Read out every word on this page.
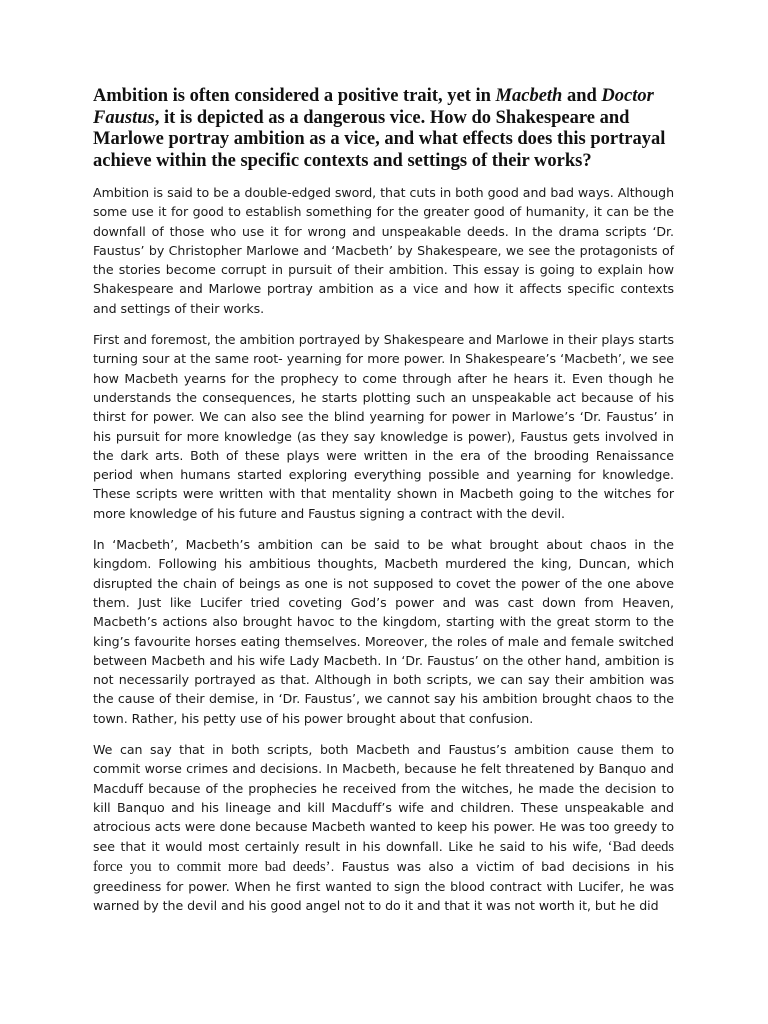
Ambition is often considered a positive trait, yet in Macbeth and Doctor Faustus, it is depicted as a dangerous vice. How do Shakespeare and Marlowe portray ambition as a vice, and what effects does this portrayal achieve within the specific contexts and settings of their works?

Ambition is said to be a double-edged sword, that cuts in both good and bad ways. Although some use it for good to establish something for the greater good of humanity, it can be the downfall of those who use it for wrong and unspeakable deeds. In the drama scripts ‘Dr. Faustus’ by Christopher Marlowe and ‘Macbeth’ by Shakespeare, we see the protagonists of the stories become corrupt in pursuit of their ambition. This essay is going to explain how Shakespeare and Marlowe portray ambition as a vice and how it affects specific contexts and settings of their works.

First and foremost, the ambition portrayed by Shakespeare and Marlowe in their plays starts turning sour at the same root- yearning for more power. In Shakespeare’s ‘Macbeth’, we see how Macbeth yearns for the prophecy to come through after he hears it. Even though he understands the consequences, he starts plotting such an unspeakable act because of his thirst for power. We can also see the blind yearning for power in Marlowe’s ‘Dr. Faustus’ in his pursuit for more knowledge (as they say knowledge is power), Faustus gets involved in the dark arts. Both of these plays were written in the era of the brooding Renaissance period when humans started exploring everything possible and yearning for knowledge. These scripts were written with that mentality shown in Macbeth going to the witches for more knowledge of his future and Faustus signing a contract with the devil.

In ‘Macbeth’, Macbeth’s ambition can be said to be what brought about chaos in the kingdom. Following his ambitious thoughts, Macbeth murdered the king, Duncan, which disrupted the chain of beings as one is not supposed to covet the power of the one above them. Just like Lucifer tried coveting God’s power and was cast down from Heaven, Macbeth’s actions also brought havoc to the kingdom, starting with the great storm to the king’s favourite horses eating themselves. Moreover, the roles of male and female switched between Macbeth and his wife Lady Macbeth. In ‘Dr. Faustus’ on the other hand, ambition is not necessarily portrayed as that. Although in both scripts, we can say their ambition was the cause of their demise, in ‘Dr. Faustus’, we cannot say his ambition brought chaos to the town. Rather, his petty use of his power brought about that confusion.

We can say that in both scripts, both Macbeth and Faustus’s ambition cause them to commit worse crimes and decisions. In Macbeth, because he felt threatened by Banquo and Macduff because of the prophecies he received from the witches, he made the decision to kill Banquo and his lineage and kill Macduff’s wife and children. These unspeakable and atrocious acts were done because Macbeth wanted to keep his power. He was too greedy to see that it would most certainly result in his downfall. Like he said to his wife, ‘Bad deeds force you to commit more bad deeds’. Faustus was also a victim of bad decisions in his greediness for power. When he first wanted to sign the blood contract with Lucifer, he was warned by the devil and his good angel not to do it and that it was not worth it, but he did
